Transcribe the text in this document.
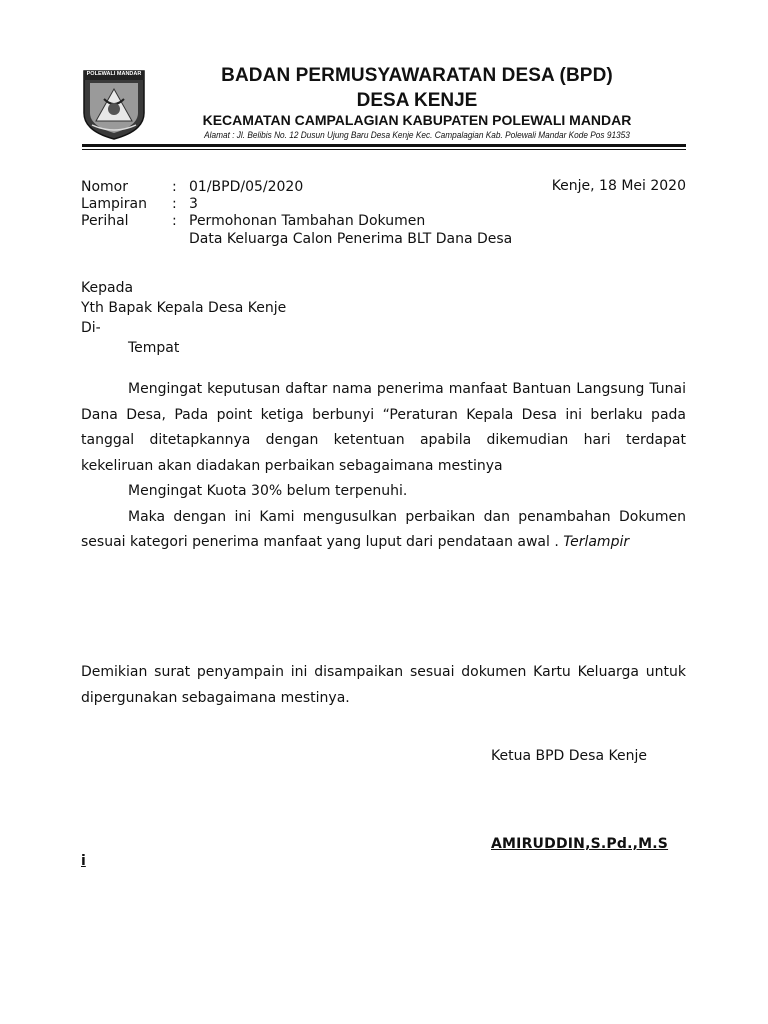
POLEWALI MANDAR	BADAN PERMUSYAWARATAN DESA (BPD)
DESA KENJE
KECAMATAN CAMPALAGIAN KABUPATEN POLEWALI MANDAR
Alamat : Jl. Belibis No. 12 Dusun Ujung Baru Desa Kenje Kec. Campalagian Kab. Polewali Mandar Kode Pos 91353
Nomor	: 01/BPD/05/2020
Lampiran : 3
Perihal	: Permohonan Tambahan Dokumen
Data Keluarga Calon Penerima BLT Dana Desa
Kenje, 18 Mei 2020
Kepada
Yth Bapak Kepala Desa Kenje
Di-
Tempat

Mengingat keputusan daftar nama penerima manfaat Bantuan Langsung Tunai Dana Desa, Pada point ketiga berbunyi “Peraturan Kepala Desa ini berlaku pada tanggal ditetapkannya dengan ketentuan apabila dikemudian hari terdapat kekeliruan akan diadakan perbaikan sebagaimana mestinya

Mengingat Kuota 30% belum terpenuhi.

Maka dengan ini Kami mengusulkan perbaikan dan penambahan Dokumen sesuai kategori penerima manfaat yang luput dari pendataan awal . Terlampir

Demikian surat penyampain ini disampaikan sesuai dokumen Kartu Keluarga untuk dipergunakan sebagaimana mestinya.
Ketua BPD Desa Kenje
AMIRUDDIN,S.Pd.,M.S
i
